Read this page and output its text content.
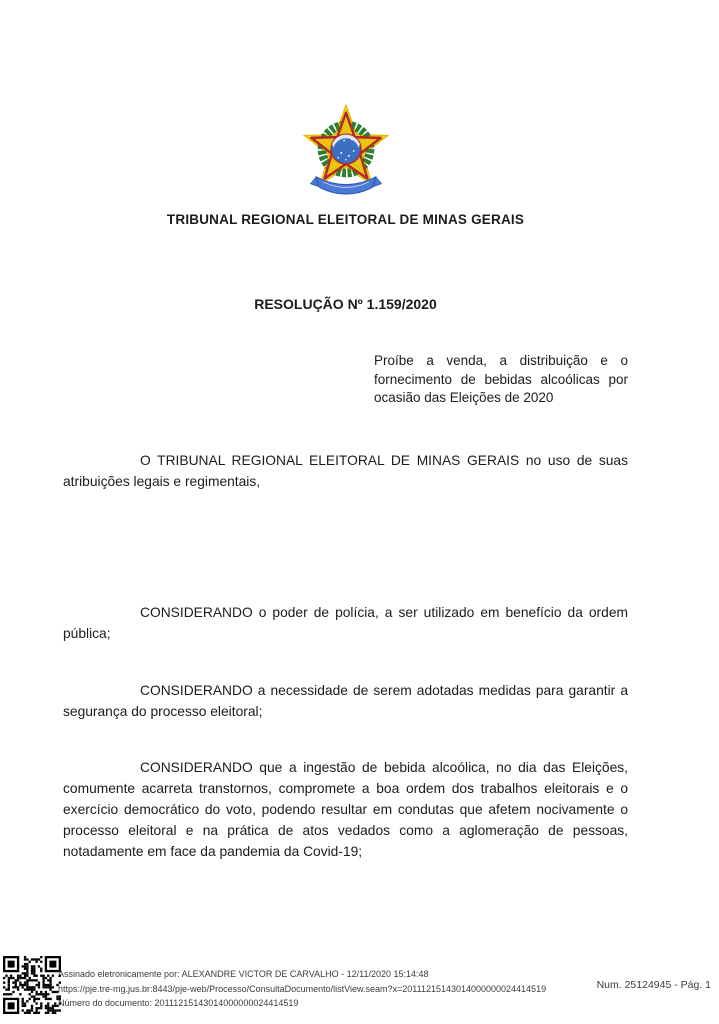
TRIBUNAL REGIONAL ELEITORAL DE MINAS GERAIS
RESOLUÇÃO Nº 1.159/2020
Proíbe a venda, a distribuição e o fornecimento de bebidas alcoólicas por ocasião das Eleições de 2020

O TRIBUNAL REGIONAL ELEITORAL DE MINAS GERAIS no uso de suas atribuições legais e regimentais,

CONSIDERANDO o poder de polícia, a ser utilizado em benefício da ordem pública;

CONSIDERANDO a necessidade de serem adotadas medidas para garantir a segurança do processo eleitoral;

CONSIDERANDO que a ingestão de bebida alcoólica, no dia das Eleições, comumente acarreta transtornos, compromete a boa ordem dos trabalhos eleitorais e o exercício democrático do voto, podendo resultar em condutas que afetem nocivamente o processo eleitoral e na prática de atos vedados como a aglomeração de pessoas, notadamente em face da pandemia da Covid-19;

Assinado eletronicamente por: ALEXANDRE VICTOR DE CARVALHO - 12/11/2020 15:14:48
https://pje.tre-mg.jus.br:8443/pje-web/Processo/ConsultaDocumento/listView.seam?x=20111215143014000000024414519
Número do documento: 20111215143014000000024414519
Num. 25124945 - Pág. 1
